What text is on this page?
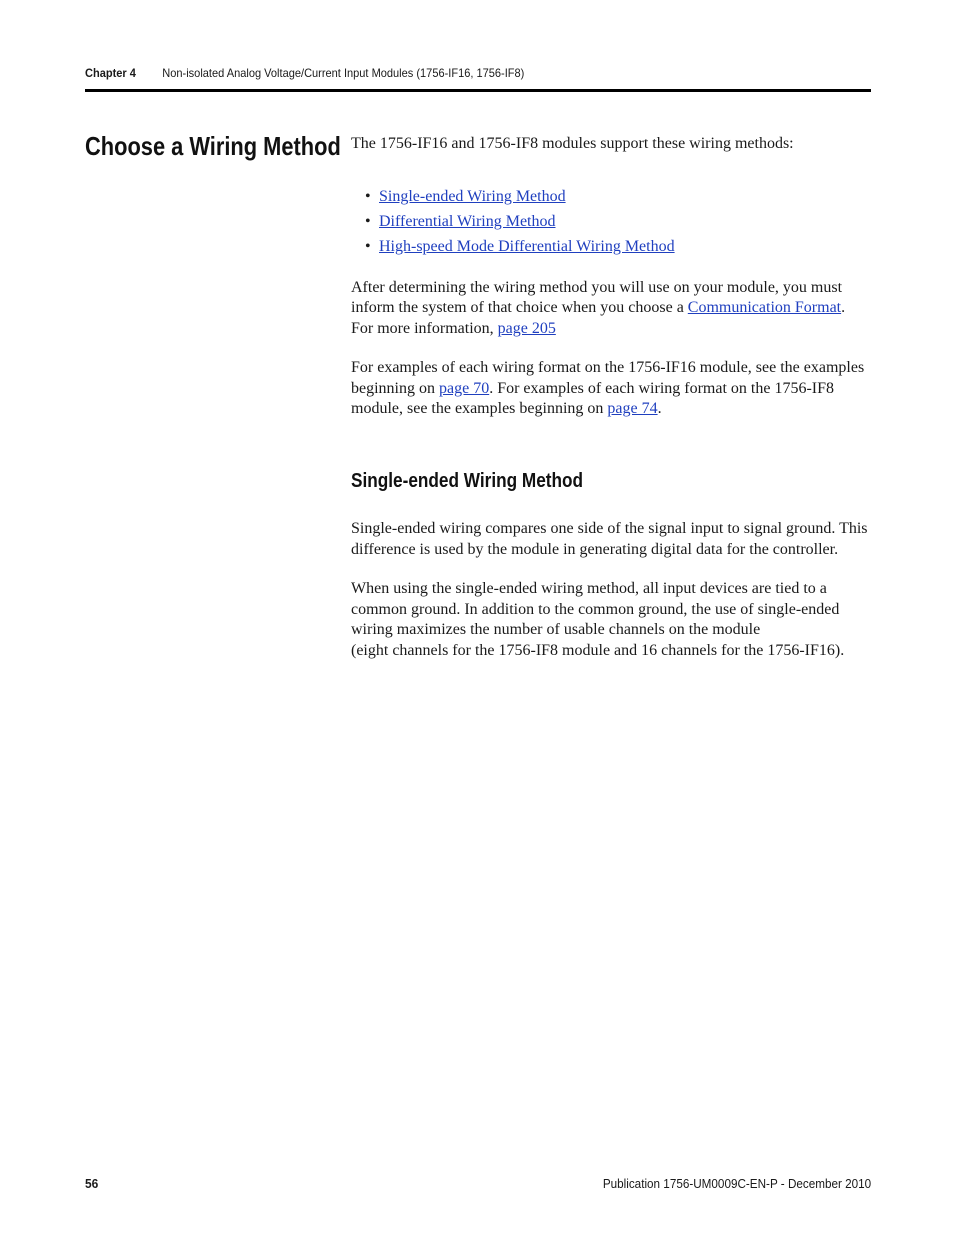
Chapter 4 Non-isolated Analog Voltage/Current Input Modules (1756-IF16, 1756-IF8)
Choose a Wiring Method The 1756-IF16 and 1756-IF8 modules support these wiring methods:

• Single-ended Wiring Method
• Differential Wiring Method
• High-speed Mode Differential Wiring Method

After determining the wiring method you will use on your module, you must inform the system of that choice when you choose a Communication Format. For more information, page 205

For examples of each wiring format on the 1756-IF16 module, see the examples beginning on page 70. For examples of each wiring format on the 1756-IF8 module, see the examples beginning on page 74.

Single-ended Wiring Method

Single-ended wiring compares one side of the signal input to signal ground. This difference is used by the module in generating digital data for the controller.

When using the single-ended wiring method, all input devices are tied to a common ground. In addition to the common ground, the use of single-ended wiring maximizes the number of usable channels on the module
(eight channels for the 1756-IF8 module and 16 channels for the 1756-IF16).

56	Publication 1756-UM0009C-EN-P - December 2010
